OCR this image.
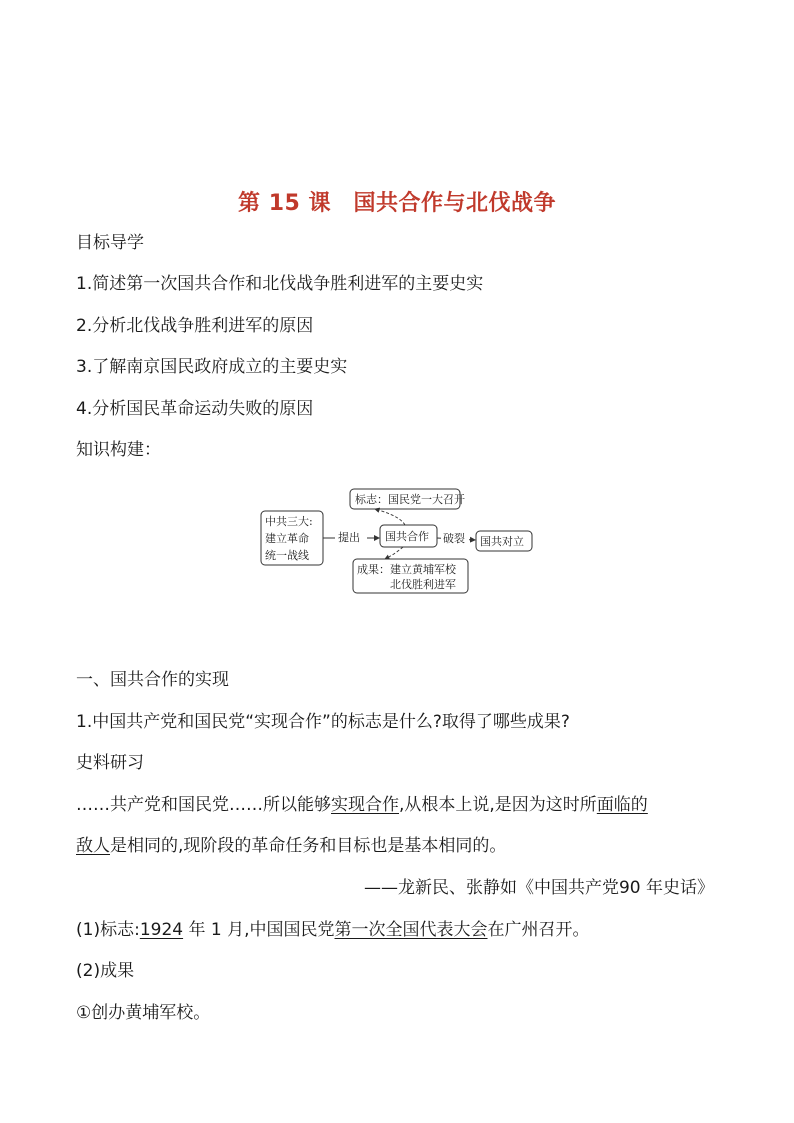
第 15 课　国共合作与北伐战争
目标导学
1.简述第一次国共合作和北伐战争胜利进军的主要史实
2.分析北伐战争胜利进军的原因
3.了解南京国民政府成立的主要史实
4.分析国民革命运动失败的原因
知识构建：
中共三大:
建立革命
统一战线
提出 国共合作
标志：国民党一大召开
破裂 国共对立
成果：建立黄埔军校
北伐胜利进军
一、国共合作的实现
1.中国共产党和国民党“实现合作”的标志是什么?取得了哪些成果?
史料研习
……共产党和国民党……所以能够实现合作,从根本上说,是因为这时所面临的
敌人是相同的,现阶段的革命任务和目标也是基本相同的。
——龙新民、张静如《中国共产党90 年史话》
(1)标志:1924 年 1 月,中国国民党第一次全国代表大会在广州召开。
(2)成果
①创办黄埔军校。
